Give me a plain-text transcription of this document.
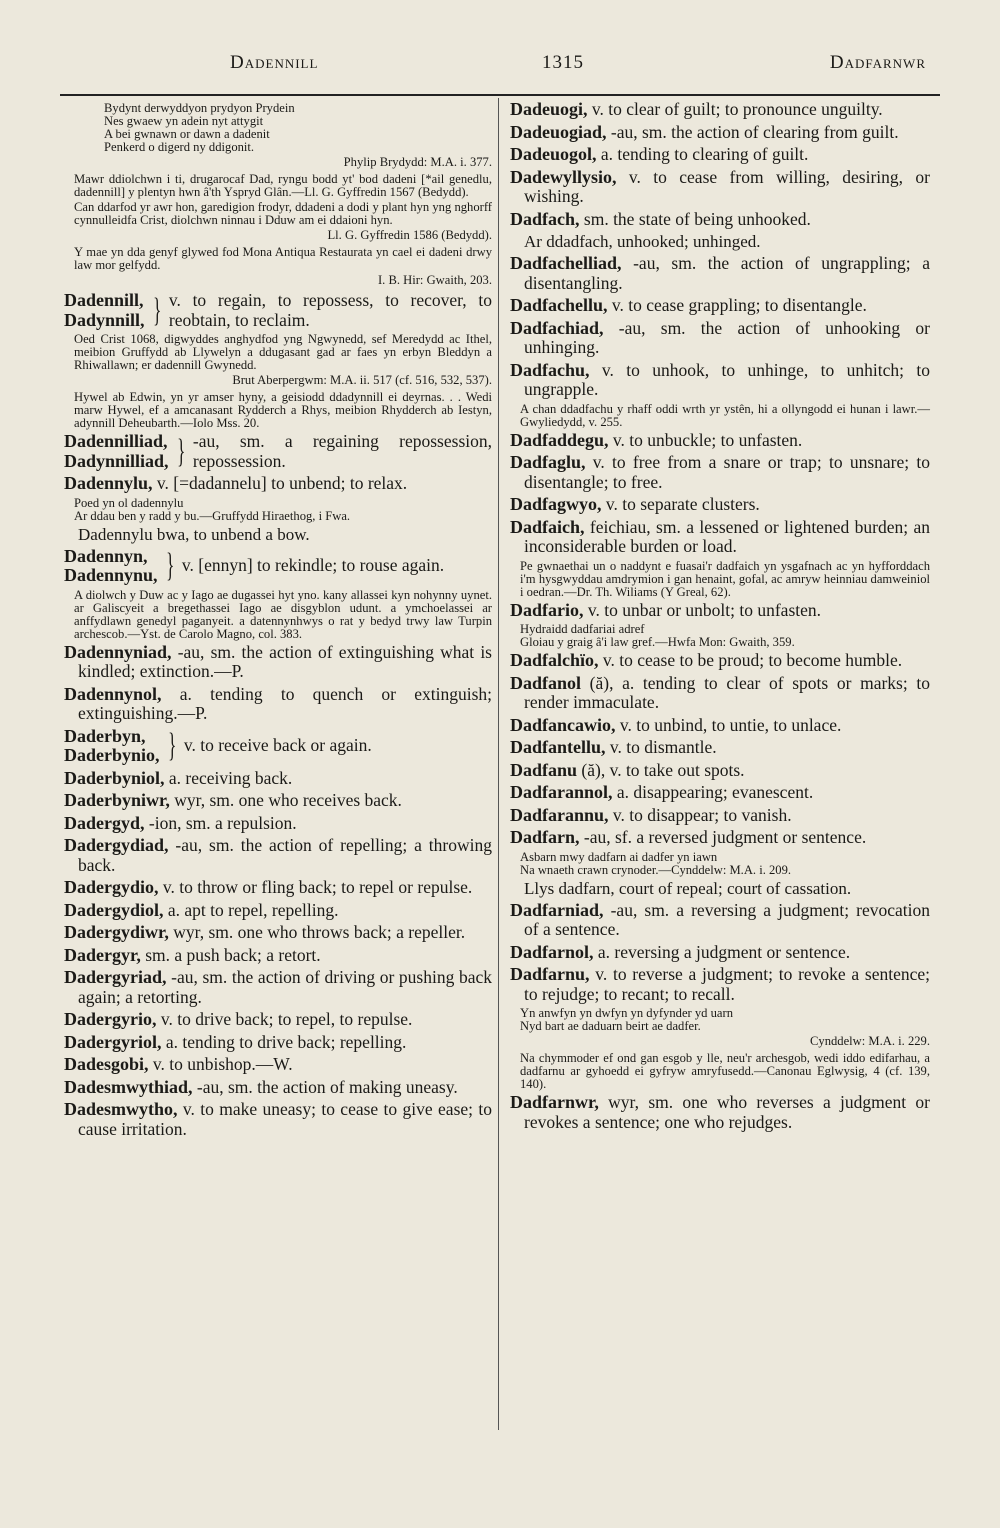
Dadennill	1315	Dadfarnwr
Bydynt derwyddyon prydyon Prydein
Nes gwaew yn adein nyt attygit
A bei gwnawn or dawn a dadenit
Penkerd o digerd ny ddigonit.
Phylip Brydydd: M.A. i. 377.
Mawr ddiolchwn i ti, drugarocaf Dad, ryngu bodd yt' bod dadeni [*ail genedlu, dadennill] y plentyn hwn â'th Yspryd Glân.—Ll. G. Gyffredin 1567 (Bedydd).
Can ddarfod yr awr hon, garedigion frodyr, ddadeni a dodi y plant hyn yng nghorff cynnulleidfa Crist, diolchwn ninnau i Dduw am ei ddaioni hyn.
Ll. G. Gyffredin 1586 (Bedydd).
Y mae yn dda genyf glywed fod Mona Antiqua Restaurata yn cael ei dadeni drwy law mor gelfydd.
I. B. Hir: Gwaith, 203.
Dadennill,
Dadynnill, } v. to regain, to repossess, to recover, to reobtain, to reclaim.
Oed Crist 1068, digwyddes anghydfod yng Ngwynedd, sef Meredydd ac Ithel, meibion Gruffydd ab Llywelyn a ddugasant gad ar faes yn erbyn Bleddyn a Rhiwallawn; er dadennill Gwynedd.
Brut Aberpergwm: M.A. ii. 517 (cf. 516, 532, 537).
Hywel ab Edwin, yn yr amser hyny, a geisiodd ddadynnill ei deyrnas. . . Wedi marw Hywel, ef a amcanasant Rydderch a Rhys, meibion Rhydderch ab Iestyn, adynnill Deheubarth.—Iolo Mss. 20.
Dadennilliad,
Dadynnilliad, } -au, sm. a regaining repossession, repossession.
Dadennylu, v. [=dadannelu] to unbend; to relax.
Poed yn ol dadennylu
Ar ddau ben y radd y bu.—Gruffydd Hiraethog, i Fwa.
Dadennylu bwa, to unbend a bow.
Dadennyn,
Dadennynu, } v. [ennyn] to rekindle; to rouse again.
A diolwch y Duw ac y Iago ae dugassei hyt yno. kany allassei kyn nohynny uynet. ar Galiscyeit a bregethassei Iago ae disgyblon udunt. a ymchoelassei ar anffydlawn genedyl paganyeit. a datennynhwys o rat y bedyd trwy law Turpin archescob.—Yst. de Carolo Magno, col. 383.
Dadennyniad, -au, sm. the action of extinguishing what is kindled; extinction.—P.
Dadennynol, a. tending to quench or extinguish; extinguishing.—P.
Daderbyn,
Daderbynio, } v. to receive back or again.
Daderbyniol, a. receiving back.
Daderbyniwr, wyr, sm. one who receives back.
Dadergyd, -ion, sm. a repulsion.
Dadergydiad, -au, sm. the action of repelling; a throwing back.
Dadergydio, v. to throw or fling back; to repel or repulse.
Dadergydiol, a. apt to repel, repelling.
Dadergydiwr, wyr, sm. one who throws back; a repeller.
Dadergyr, sm. a push back; a retort.
Dadergyriad, -au, sm. the action of driving or pushing back again; a retorting.
Dadergyrio, v. to drive back; to repel, to repulse.
Dadergyriol, a. tending to drive back; repelling.
Dadesgobi, v. to unbishop.—W.
Dadesmwythiad, -au, sm. the action of making uneasy.
Dadesmwytho, v. to make uneasy; to cease to give ease; to cause irritation.
Dadeuogi, v. to clear of guilt; to pronounce unguilty.
Dadeuogiad, -au, sm. the action of clearing from guilt.
Dadeuogol, a. tending to clearing of guilt.
Dadewyllysio, v. to cease from willing, desiring, or wishing.
Dadfach, sm. the state of being unhooked.
Ar ddadfach, unhooked; unhinged.
Dadfachelliad, -au, sm. the action of ungrappling; a disentangling.
Dadfachellu, v. to cease grappling; to disentangle.
Dadfachiad, -au, sm. the action of unhooking or unhinging.
Dadfachu, v. to unhook, to unhinge, to unhitch; to ungrapple.
A chan ddadfachu y rhaff oddi wrth yr ystên, hi a ollyngodd ei hunan i lawr.—Gwyliedydd, v. 255.
Dadfaddegu, v. to unbuckle; to unfasten.
Dadfaglu, v. to free from a snare or trap; to unsnare; to disentangle; to free.
Dadfagwyo, v. to separate clusters.
Dadfaich, feichiau, sm. a lessened or lightened burden; an inconsiderable burden or load.
Pe gwnaethai un o naddynt e fuasai'r dadfaich yn ysgafnach ac yn hyfforddach i'm hysgwyddau amdrymion i gan henaint, gofal, ac amryw heinniau damweiniol i oedran.—Dr. Th. Wiliams (Y Greal, 62).
Dadfario, v. to unbar or unbolt; to unfasten.
Hydraidd dadfariai adref
Gloiau y graig â'i law gref.—Hwfa Mon: Gwaith, 359.
Dadfalchïo, v. to cease to be proud; to become humble.
Dadfanol (ă), a. tending to clear of spots or marks; to render immaculate.
Dadfancawio, v. to unbind, to untie, to unlace.
Dadfantellu, v. to dismantle.
Dadfanu (ă), v. to take out spots.
Dadfarannol, a. disappearing; evanescent.
Dadfarannu, v. to disappear; to vanish.
Dadfarn, -au, sf. a reversed judgment or sentence.
Asbarn mwy dadfarn ai dadfer yn iawn
Na wnaeth crawn crynoder.—Cynddelw: M.A. i. 209.
Llys dadfarn, court of repeal; court of cassation.
Dadfarniad, -au, sm. a reversing a judgment; revocation of a sentence.
Dadfarnol, a. reversing a judgment or sentence.
Dadfarnu, v. to reverse a judgment; to revoke a sentence; to rejudge; to recant; to recall.
Yn anwfyn yn dwfyn yn dyfynder yd uarn
Nyd bart ae daduarn beirt ae dadfer.
Cynddelw: M.A. i. 229.
Na chymmoder ef ond gan esgob y lle, neu'r archesgob, wedi iddo edifarhau, a dadfarnu ar gyhoedd ei gyfryw amryfusedd.—Canonau Eglwysig, 4 (cf. 139, 140).
Dadfarnwr, wyr, sm. one who reverses a judgment or revokes a sentence; one who rejudges.
